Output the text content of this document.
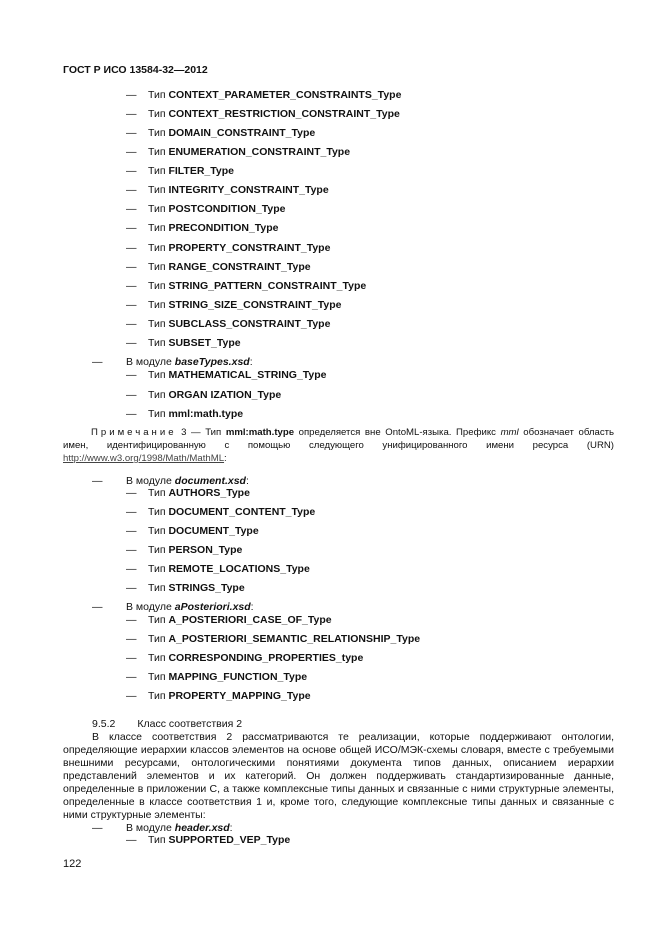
ГОСТ Р ИСО 13584-32—2012
— Тип CONTEXT_PARAMETER_CONSTRAINTS_Type
— Тип CONTEXT_RESTRICTION_CONSTRAINT_Type
— Тип DOMAIN_CONSTRAINT_Type
— Тип ENUMERATION_CONSTRAINT_Type
— Тип FILTER_Type
— Тип INTEGRITY_CONSTRAINT_Type
— Тип POSTCONDITION_Type
— Тип PRECONDITION_Type
— Тип PROPERTY_CONSTRAINT_Type
— Тип RANGE_CONSTRAINT_Type
— Тип STRING_PATTERN_CONSTRAINT_Type
— Тип STRING_SIZE_CONSTRAINT_Type
— Тип SUBCLASS_CONSTRAINT_Type
— Тип SUBSET_Type
— В модуле baseTypes.xsd:
— Тип MATHEMATICAL_STRING_Type
— Тип ORGAN IZATION_Type
— Тип mml:math.type
Примечание 3 — Тип mml:math.type определяется вне OntoML-языка. Префикс mml обозначает область имен, идентифицированную с помощью следующего унифицированного имени ресурса (URN) http://www.w3.org/1998/Math/MathML:
— В модуле document.xsd:
— Тип AUTHORS_Type
— Тип DOCUMENT_CONTENT_Type
— Тип DOCUMENT_Type
— Тип PERSON_Type
— Тип REMOTE_LOCATIONS_Type
— Тип STRINGS_Type
— В модуле aPosteriori.xsd:
— Тип A_POSTERIORI_CASE_OF_Type
— Тип A_POSTERIORI_SEMANTIC_RELATIONSHIP_Type
— Тип CORRESPONDING_PROPERTIES_type
— Тип MAPPING_FUNCTION_Type
— Тип PROPERTY_MAPPING_Type
9.5.2 Класс соответствия 2
В классе соответствия 2 рассматриваются те реализации, которые поддерживают онтологии, определяющие иерархии классов элементов на основе общей ИСО/МЭК-схемы словаря, вместе с требуемыми внешними ресурсами, онтологическими понятиями документа типов данных, описанием иерархии представлений элементов и их категорий. Он должен поддерживать стандартизированные данные, определенные в приложении С, а также комплексные типы данных и связанные с ними структурные элементы, определенные в классе соответствия 1 и, кроме того, следующие комплексные типы данных и связанные с ними структурные элементы:
— В модуле header.xsd:
— Тип SUPPORTED_VEP_Type
122
